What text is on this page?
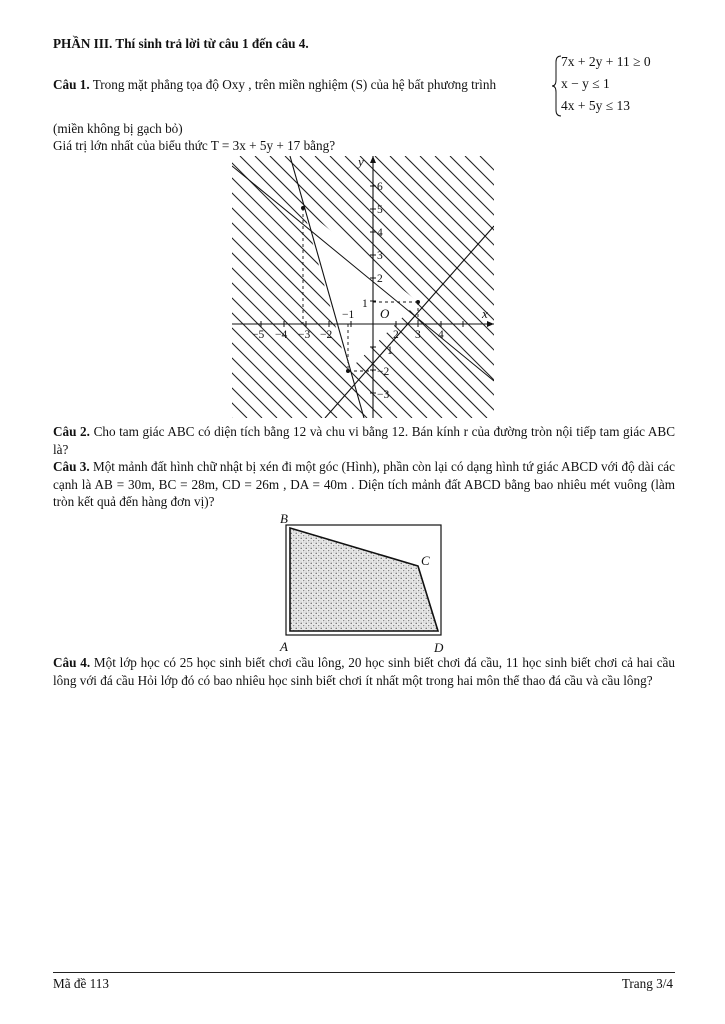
PHẦN III. Thí sinh trả lời từ câu 1 đến câu 4.
Câu 1. Trong mặt phẳng tọa độ Oxy , trên miền nghiệm (S) của hệ bất phương trình
7x + 2y + 11 ≥ 0
x − y ≤ 1
4x + 5y ≤ 13
(miền không bị gạch bỏ)
Giá trị lớn nhất của biểu thức T = 3x + 5y + 17 bằng?
y
x
O
−5 −4 −3 −2
−1
2 3 4
6
5
4
3
2
1
−2
−3
1
Câu 2. Cho tam giác ABC có diện tích bằng 12 và chu vi bằng 12. Bán kính r của đường tròn nội tiếp tam giác ABC là?
Câu 3. Một mảnh đất hình chữ nhật bị xén đi một góc (Hình), phần còn lại có dạng hình tứ giác ABCD với độ dài các cạnh là AB = 30m, BC = 28m, CD = 26m , DA = 40m . Diện tích mảnh đất ABCD bằng bao nhiêu mét vuông (làm tròn kết quả đến hàng đơn vị)?
B
C
A	D
Câu 4. Một lớp học có 25 học sinh biết chơi cầu lông, 20 học sinh biết chơi đá cầu, 11 học sinh biết chơi cả hai cầu lông với đá cầu Hỏi lớp đó có bao nhiêu học sinh biết chơi ít nhất một trong hai môn thể thao đá cầu và cầu lông?
Mã đề 113	Trang 3/4
